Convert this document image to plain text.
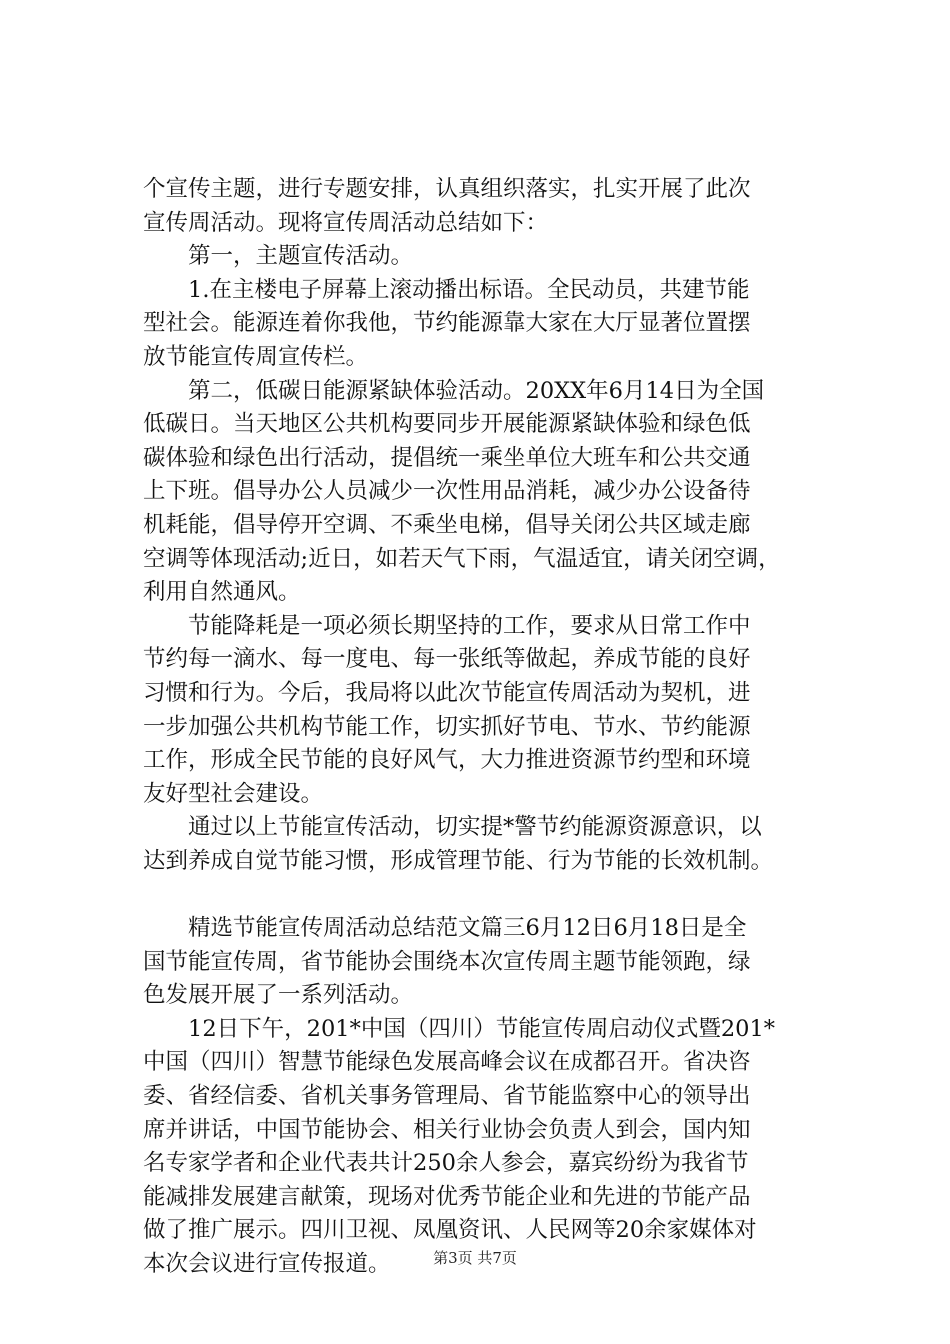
个宣传主题，进行专题安排，认真组织落实，扎实开展了此次
宣传周活动。现将宣传周活动总结如下：
　　第一，主题宣传活动。
　　1.在主楼电子屏幕上滚动播出标语。全民动员，共建节能
型社会。能源连着你我他，节约能源靠大家在大厅显著位置摆
放节能宣传周宣传栏。
　　第二，低碳日能源紧缺体验活动。20XX年6月14日为全国
低碳日。当天地区公共机构要同步开展能源紧缺体验和绿色低
碳体验和绿色出行活动，提倡统一乘坐单位大班车和公共交通
上下班。倡导办公人员减少一次性用品消耗，减少办公设备待
机耗能，倡导停开空调、不乘坐电梯，倡导关闭公共区域走廊
空调等体现活动;近日，如若天气下雨，气温适宜，请关闭空调，
利用自然通风。
　　节能降耗是一项必须长期坚持的工作，要求从日常工作中
节约每一滴水、每一度电、每一张纸等做起，养成节能的良好
习惯和行为。今后，我局将以此次节能宣传周活动为契机，进
一步加强公共机构节能工作，切实抓好节电、节水、节约能源
工作，形成全民节能的良好风气，大力推进资源节约型和环境
友好型社会建设。
　　通过以上节能宣传活动，切实提*警节约能源资源意识，以
达到养成自觉节能习惯，形成管理节能、行为节能的长效机制。
　　精选节能宣传周活动总结范文篇三6月12日6月18日是全
国节能宣传周，省节能协会围绕本次宣传周主题节能领跑，绿
色发展开展了一系列活动。
　　12日下午，201*中国（四川）节能宣传周启动仪式暨201*
中国（四川）智慧节能绿色发展高峰会议在成都召开。省决咨
委、省经信委、省机关事务管理局、省节能监察中心的领导出
席并讲话，中国节能协会、相关行业协会负责人到会，国内知
名专家学者和企业代表共计250余人参会，嘉宾纷纷为我省节
能减排发展建言献策，现场对优秀节能企业和先进的节能产品
做了推广展示。四川卫视、凤凰资讯、人民网等20余家媒体对
本次会议进行宣传报道。	第3页 共7页
